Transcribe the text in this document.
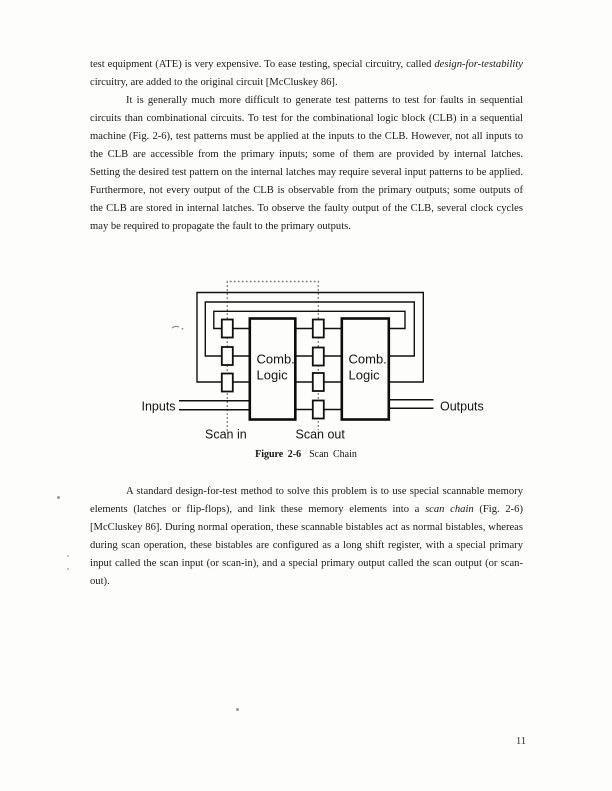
test equipment (ATE) is very expensive. To ease testing, special circuitry, called design-for-testability circuitry, are added to the original circuit [McCluskey 86].

It is generally much more difficult to generate test patterns to test for faults in sequential circuits than combinational circuits. To test for the combinational logic block (CLB) in a sequential machine (Fig. 2-6), test patterns must be applied at the inputs to the CLB. However, not all inputs to the CLB are accessible from the primary inputs; some of them are provided by internal latches. Setting the desired test pattern on the internal latches may require several input patterns to be applied. Furthermore, not every output of the CLB is observable from the primary outputs; some outputs of the CLB are stored in internal latches. To observe the faulty output of the CLB, several clock cycles may be required to propagate the fault to the primary outputs.

Comb.
Logic
Comb.
Logic
Inputs	Outputs
Scan in	Scan out
Figure 2-6 Scan Chain

A standard design-for-test method to solve this problem is to use special scannable memory elements (latches or flip-flops), and link these memory elements into a scan chain (Fig. 2-6) [McCluskey 86]. During normal operation, these scannable bistables act as normal bistables, whereas during scan operation, these bistables are configured as a long shift register, with a special primary input called the scan input (or scan-in), and a special primary output called the scan output (or scan-out).

11
